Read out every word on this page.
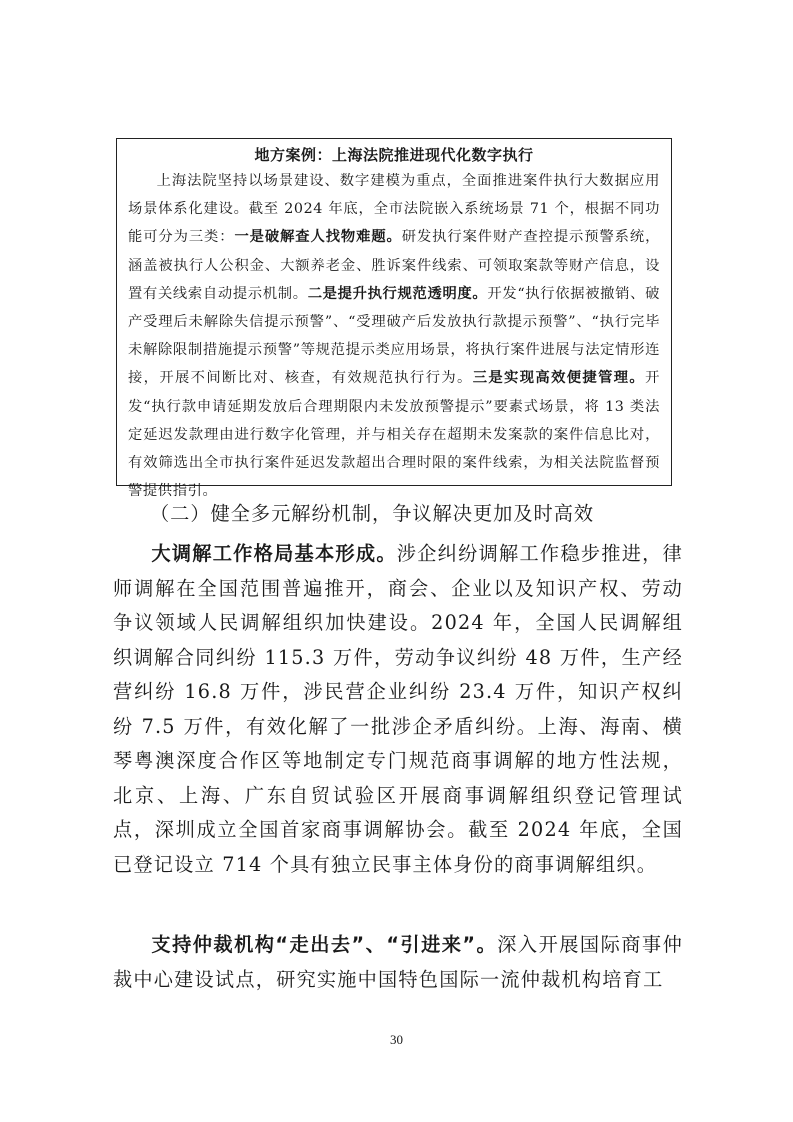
地方案例：上海法院推进现代化数字执行

上海法院坚持以场景建设、数字建模为重点，全面推进案件执行大数据应用场景体系化建设。截至 2024 年底，全市法院嵌入系统场景 71 个，根据不同功能可分为三类：一是破解查人找物难题。研发执行案件财产查控提示预警系统，涵盖被执行人公积金、大额养老金、胜诉案件线索、可领取案款等财产信息，设置有关线索自动提示机制。二是提升执行规范透明度。开发“执行依据被撤销、破产受理后未解除失信提示预警”、“受理破产后发放执行款提示预警”、“执行完毕未解除限制措施提示预警”等规范提示类应用场景，将执行案件进展与法定情形连接，开展不间断比对、核查，有效规范执行行为。三是实现高效便捷管理。开发“执行款申请延期发放后合理期限内未发放预警提示”要素式场景，将 13 类法定延迟发款理由进行数字化管理，并与相关存在超期未发案款的案件信息比对，有效筛选出全市执行案件延迟发款超出合理时限的案件线索，为相关法院监督预警提供指引。

（二）健全多元解纷机制，争议解决更加及时高效

大调解工作格局基本形成。涉企纠纷调解工作稳步推进，律师调解在全国范围普遍推开，商会、企业以及知识产权、劳动争议领域人民调解组织加快建设。2024 年，全国人民调解组织调解合同纠纷 115.3 万件，劳动争议纠纷 48 万件，生产经营纠纷 16.8 万件，涉民营企业纠纷 23.4 万件，知识产权纠纷 7.5 万件，有效化解了一批涉企矛盾纠纷。上海、海南、横琴粤澳深度合作区等地制定专门规范商事调解的地方性法规，北京、上海、广东自贸试验区开展商事调解组织登记管理试点，深圳成立全国首家商事调解协会。截至 2024 年底，全国已登记设立 714 个具有独立民事主体身份的商事调解组织。

支持仲裁机构“走出去”、“引进来”。深入开展国际商事仲裁中心建设试点，研究实施中国特色国际一流仲裁机构培育工

30
